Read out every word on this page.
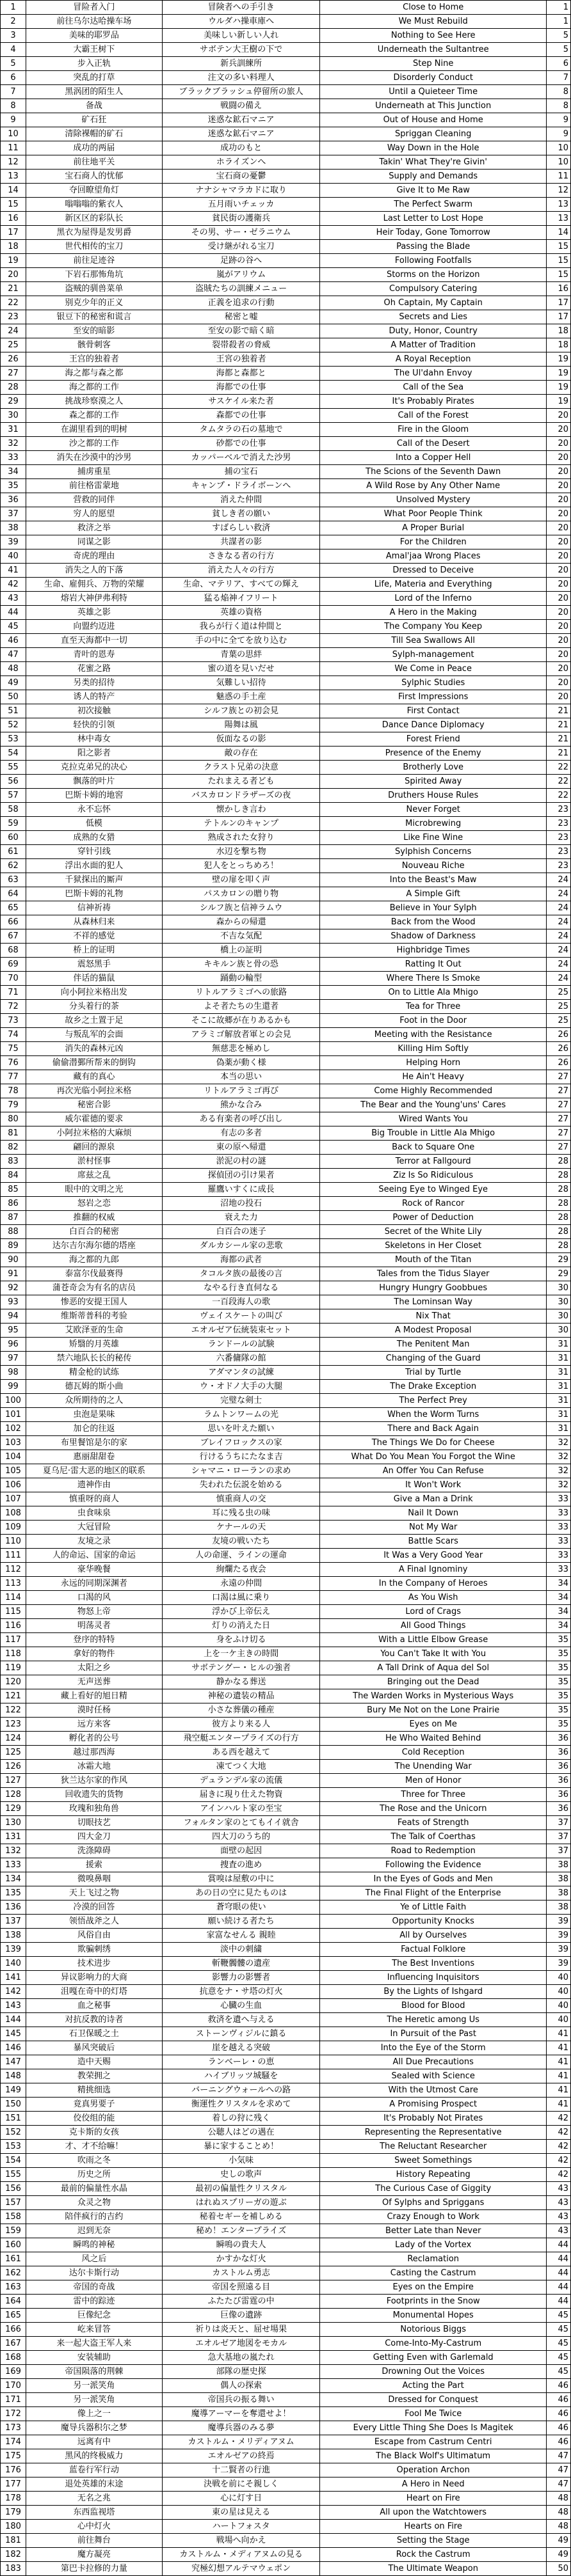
1	冒险者入门	冒険者への手引き	Close to Home	1
2	前往乌尔达哈操车场	ウルダハ操車庫へ	We Must Rebuild	1
3	美味的耶罗品	美味しい新しい人れ	Nothing to See Here	5
4	大霸王树下	サボテン大王樹の下で	Underneath the Sultantree	5
5	步入正轨	新兵訓練所	Step Nine	6
6	突乱的打草	注文の多い料理人	Disorderly Conduct	7
7	黑涡团的陌生人	ブラックブラッシュ停留所の旅人	Until a Quieteer Time	8
8	备战	戦闘の備え	Underneath at This Junction	8
9	矿石狂	迷惑な鉱石マニア	Out of House and Home	9
10	清除裸帽的矿石	迷惑な鉱石マニア	Spriggan Cleaning	9
11	成功的两届	成功のもと	Way Down in the Hole	10
12	前往地平关	ホライズンへ	Takin' What They're Givin'	10
13	宝石商人的忧郁	宝石商の憂鬱	Supply and Demands	11
14	夺回瞭望角灯	ナナシャマラカドに取り	Give It to Me Raw	12
15	嗡嗡嗡的紫衣人	五月雨いチェッカ	The Perfect Swarm	13
16	新区区的彩队长	貧民街の護衛兵	Last Letter to Lost Hope	13
17	黑衣为屋得是发男爵	その男、サー・ゼラニウム	Heir Today, Gone Tomorrow	14
18	世代相传的宝刀	受け継がれる宝刀	Passing the Blade	15
19	前往足迹谷	足跡の谷へ	Following Footfalls	15
20	下岩石那怖角坑	嵐がアリウム	Storms on the Horizon	15
21	盗贼的驯兽菜单	盗賊たちの訓練メニュー	Compulsory Catering	16
22	别克少年的正义	正義を追求の行動	Oh Captain, My Captain	17
23	银豆下的秘密和谎言	秘密と嘘	Secrets and Lies	17
24	至安的暗影	至安の影で暗く暗	Duty, Honor, Country	18
25	骸骨刺客	裂帯殺者の脅威	A Matter of Tradition	18
26	王宫的独着者	王宮の独着者	A Royal Reception	19
27	海之都与森之都	海都と森都と	The Ul'dahn Envoy	19
28	海之都的工作	海都での仕事	Call of the Sea	19
29	挑战珍察漠之人	サスケイル来た者	It's Probably Pirates	19
30	森之都的工作	森都での仕事	Call of the Forest	20
31	在湖里看到的明树	タムタラの石の墓地で	Fire in the Gloom	20
32	沙之都的工作	砂都での仕事	Call of the Desert	20
33	消失在沙漠中的沙男	カッパーベルで消えた沙男	Into a Copper Hell	20
34	捕虏重星	捕の宝石	The Scions of the Seventh Dawn	20
35	前往格雷蒙地	キャンプ・ドライボーンへ	A Wild Rose by Any Other Name	20
36	营救的同伴	消えた仲間	Unsolved Mystery	20
37	穷人的愿望	貧しき者の願い	What Poor People Think	20
38	救济之举	すばらしい救済	A Proper Burial	20
39	同谋之影	共謀者の影	For the Children	20
40	奇虎的理由	さきなる者の行方	Amal'jaa Wrong Places	20
41	消失之人的下落	消えた人々の行方	Dressed to Deceive	20
42	生命、雇佣兵、万物的荣耀	生命、マテリア、すべての輝え	Life, Materia and Everything	20
43	熔岩大神伊弗利特	猛る焔神イフリート	Lord of the Inferno	20
44	英雄之影	英雄の資格	A Hero in the Making	20
45	向盟约迈进	我らが行く道は仲間と	The Company You Keep	20
46	直至天海都中一切	手の中に全てを放り込む	Till Sea Swallows All	20
47	青叶的恩寿	青葉の思絆	Sylph-management	20
48	花蜜之路	蜜の道を見いだせ	We Come in Peace	20
49	另类的招待	気難しい招待	Sylphic Studies	20
50	诱人的特产	魅惑の手土産	First Impressions	20
51	初次接触	シルフ族との初会見	First Contact	21
52	轻快的引领	陽舞は風	Dance Dance Diplomacy	21
53	林中毒女	仮面なるの影	Forest Friend	21
54	阳之影者	敵の存在	Presence of the Enemy	21
55	克拉克弟兄的决心	クラスト兄弟の決意	Brotherly Love	22
56	飘落的叶片	たれまえる者ども	Spirited Away	22
57	巴斯卡姆的地窖	バスカロンドラザーズの夜	Druthers House Rules	22
58	永不忘怀	懐かしき言わ	Never Forget	23
59	低模	テトルンのキャンプ	Microbrewing	23
60	成熟的女猎	熟成された女狩り	Like Fine Wine	23
61	穿针引线	水辺を撃ち物	Sylphish Concerns	23
62	浮出水面的犯人	犯人をとっちめろ！	Nouveau Riche	23
63	千狱探出的厮声	壁の扉を叩く声	Into the Beast's Maw	24
64	巴斯卡姆的礼物	パスカロンの贈り物	A Simple Gift	24
65	信神祈祷	シルフ族と信神ラムウ	Believe in Your Sylph	24
66	从森林归来	森からの帰還	Back from the Wood	24
67	不祥的感觉	不吉な気配	Shadow of Darkness	24
68	桥上的证明	橋上の証明	Highbridge Times	24
69	震怒黑手	キキルン族と骨の恐	Ratting It Out	24
70	伴话的猫鼠	踊動の輪型	Where There Is Smoke	24
71	向小阿拉米格出发	リトルアラミゴへの旅路	On to Little Ala Mhigo	25
72	分头着行的茶	よそ者たちの生還者	Tea for Three	25
73	故乡之土置于足	そこに故郷が在りあるかも	Foot in the Door	25
74	与叛乱军的会面	アラミゴ解放者軍との会見	Meeting with the Resistance	26
75	消失的森林元凶	無慈悲を極めし	Killing Him Softly	26
76	偷偷潜鄞所帮来的倒钩	偽薬が動く様	Helping Horn	26
77	藏有的真心	本当の思い	He Ain't Heavy	27
78	再次光临小阿拉米格	リトルアラミゴ再び	Come Highly Recommended	27
79	秘密合影	熊かな合み	The Bear and the Young'uns' Cares	27
80	威尔霍德的要求	ある有楽者の呼び出し	Wired Wants You	27
81	小阿拉米格的大麻烦	有志の多者	Big Trouble in Little Ala Mhigo	27
82	翩回的源泉	東の原へ帰還	Back to Square One	27
83	淤村怪事	淤泥の村の謎	Terror at Fallgourd	28
84	席兹之乱	探偵団の引け果者	Ziz Is So Ridiculous	28
85	眼中的文明之光	羅鷹いすくに成長	Seeing Eye to Winged Eye	28
86	怒岩之恋	沼地の投石	Rock of Rancor	28
87	推翻的权威	衰えた力	Power of Deduction	28
88	白百合的秘密	白百合の迷子	Secret of the White Lily	28
89	达尔吉尔海尔德的塔座	ダルカシール家の悲歌	Skeletons in Her Closet	28
90	海之都的九郎	海都の武者	Mouth of the Titan	29
91	泰富尔伐最赛得	タコルタ族の最後の言	Tales from the Tidus Slayer	29
92	蒲苍奇会为有名的店员	なやる行き直伺なる	Hungry Hungry Goobbues	30
93	惨恶的安提王国人	一百段海人の歌	The Lominsan Way	30
94	维斯蒂普科的考验	ヴェイスケートの叫び	Nix That	30
95	艾欧泽亚的生命	エオルゼア伝統装束セット	A Modest Proposal	30
96	矫翳的月英雄	ランドールの試験	The Penitent Man	31
97	禁六地队长长的秘传	六番傭隊の館	Changing of the Guard	31
98	精金枪的试练	アダマンタの試練	Trial by Turtle	31
99	德瓦姆的斯小曲	ウ・オドノ大手の大腿	The Drake Exception	31
100	众所期待的之人	完璧な剣士	The Perfect Prey	31
101	虫泡是果味	ラムトンワームの光	When the Worm Turns	31
102	加仑的往返	思いを叶えた願い	There and Back Again	31
103	布里餐馆是尔的家	ブレイフロックスの家	The Things We Do for Cheese	32
104	惠丽甜甜卷	行けるうちにたなま吉	What Do You Mean You Forgot the Wine	32
105	夏乌尼·雷大恶的地区的联系	シャマニ・ローランの求め	An Offer You Can Refuse	32
106	遗神作由	失われた伝説を始める	It Won't Work	32
107	慎重呀的商人	慎重商人の交	Give a Man a Drink	33
108	虫食味泉	耳に残る虫の味	Nail It Down	33
109	大冠冒险	ケナールの天	Not My War	33
110	友境之录	友境の戦いたち	Battle Scars	33
111	人的命运、国家的命运	人の命運、ラインの運命	It Was a Very Good Year	33
112	豪华晚餐	絢爛たる夜会	A Final Ignominy	33
113	永远的同期深渊者	永遠の仲間	In the Company of Heroes	34
114	口渴的风	口渴は風に乗り	As You Wish	34
115	物怒上帝	浮かび上帝伝え	Lord of Crags	34
116	明荡灵者	灯りの消えた日	All Good Things	34
117	登序的特特	身をふけ切る	With a Little Elbow Grease	35
118	拿好的物件	上を一ケ主きの時間	You Can't Take It with You	35
119	太阳之乡	サボテングー・ヒルの強者	A Tall Drink of Aqua del Sol	35
120	无声送葬	静かなる葬送	Bringing out the Dead	35
121	藏上看好的旭日精	神秘の遺装の精品	The Warden Works in Mysterious Ways	35
122	漠时任杨	小さな葬儀の種産	Bury Me Not on the Lone Prairie	35
123	远方来客	彼方より来る人	Eyes on Me	35
124	孵化者的公号	飛空艇エンタープライズの行方	He Who Waited Behind	36
125	越过那西海	ある西を越えて	Cold Reception	36
126	冰霜大地	凍てつく大地	The Unending War	36
127	狄兰达尔家的作风	デュランデル家の流儀	Men of Honor	36
128	回收遗失的货物	届きに現り仕えた物資	Three for Three	36
129	玫瑰和独角兽	アインハルト家の至宝	The Rose and the Unicorn	36
130	切眼技艺	フォルタン家のとてもイイ就舎	Feats of Strength	37
131	四大金刀	四大刀のうち的	The Talk of Coerthas	37
132	洗涤障碍	面壁の起因	Road to Redemption	37
133	援索	捜査の進め	Following the Evidence	38
134	微嗅鼻咽	賞嗅は屋敷の中に	In the Eyes of Gods and Men	38
135	天上飞过之物	あの日の空に見たものは	The Final Flight of the Enterprise	38
136	冷漠的回答	蒼穹眼の使い	Ye of Little Faith	38
137	领悟战斧之人	願い続ける者たち	Opportunity Knocks	39
138	风俗自由	家富なせんる 親睦	All by Ourselves	39
139	欺骗刺绣	淡中の刺繍	Factual Folklore	39
140	技术进步	斬鞭髑髏の遺産	The Best Inventions	39
141	异议影响力的大商	影響力の影響者	Influencing Inquisitors	40
142	沮嘎在奇中的灯塔	抗意をナ・サ塔の灯火	By the Lights of Ishgard	40
143	血之秘事	心臓の生血	Blood for Blood	40
144	对抗反教的诗者	救済を遺へ与える	The Heretic among Us	40
145	石卫保暖之土	ストーンヴィジルに鎮る	In Pursuit of the Past	41
146	暴风突破后	崖を越える突破	Into the Eye of the Storm	41
147	造中天赐	ランベーレ・の恵	All Due Precautions	41
148	教荣拥之	ハイブリッツ城騒を	Sealed with Science	41
149	精挑细选	バーニングウォールへの路	With the Utmost Care	41
150	竟真男要子	衡運性クリスタルを求めて	A Promising Prospect	41
151	佼佼组的能	着しの狩に残く	It's Probably Not Pirates	42
152	克卡斯的女孩	公聴人はどの遇在	Representing the Representative	42
153	才、才不给嘛！	暴に家することめ！	The Reluctant Researcher	42
154	吹雨之冬	小気味	Sweet Somethings	42
155	历史之所	史しの歌声	History Repeating	42
156	最前的偏量性水晶	最初の偏量性クリスタル	The Curious Case of Giggity	43
157	众灵之物	はれぬスプリーガの遊ぶ	Of Sylphs and Spriggans	43
158	陪伴疯行的吉约	秘着セギーを補しめる	Crazy Enough to Work	43
159	迟到无奈	秘め！エンタープライズ	Better Late than Never	43
160	瞬鸣的神秘	瞬鳴の貴夫人	Lady of the Vortex	44
161	风之后	かすかな灯火	Reclamation	44
162	达尔卡斯行动	カストルム勇志	Casting the Castrum	44
163	帝国的奇战	帝国を照遠る目	Eyes on the Empire	44
164	雷中的踪迹	ふたたび雷霆の中	Footprints in the Snow	44
165	巨像纪念	巨像の遺跡	Monumental Hopes	45
166	屹来冒答	祈りは炎天と、屈せ場果	Notorious Biggs	45
167	来一起大盗王军人来	エオルゼア地図をモカル	Come-Into-My-Castrum	45
168	安装辅助	急大基地の嵐たれ	Getting Even with Garlemald	45
169	帝国陨落的荆棘	部隊の歴史探	Drowning Out the Voices	45
170	另一派笑角	偶人の探索	Acting the Part	46
171	另一派笑角	帝国兵の振る舞い	Dressed for Conquest	46
172	像上之一	魔導アーマーを奪還せよ！	Fool Me Twice	46
173	魔导兵器积尔之梦	魔導兵器のみる夢	Every Little Thing She Does Is Magitek	46
174	远离有中	カストルム・メリディアヌム	Escape from Castrum Centri	46
175	黑风的终极威力	エオルゼアの終焉	The Black Wolf's Ultimatum	47
176	蓝卷行军行动	十二賢者の行進	Operation Archon	47
177	退处英雄的末途	決戦を前にそ親しく	A Hero in Need	47
178	无名之兆	心に灯す日	Heart on Fire	48
179	东西监视塔	東の星は見える	All upon the Watchtowers	48
180	心中灯火	ハートフォスタ	Hearts on Fire	48
181	前往舞台	戦場へ向かえ	Setting the Stage	49
182	魔方凝亮	カストルム・メディアヌムの見る	Rock the Castrum	49
183	第巴卡拉修的力量	究極幻想アルテマウェポン	The Ultimate Weapon	50
